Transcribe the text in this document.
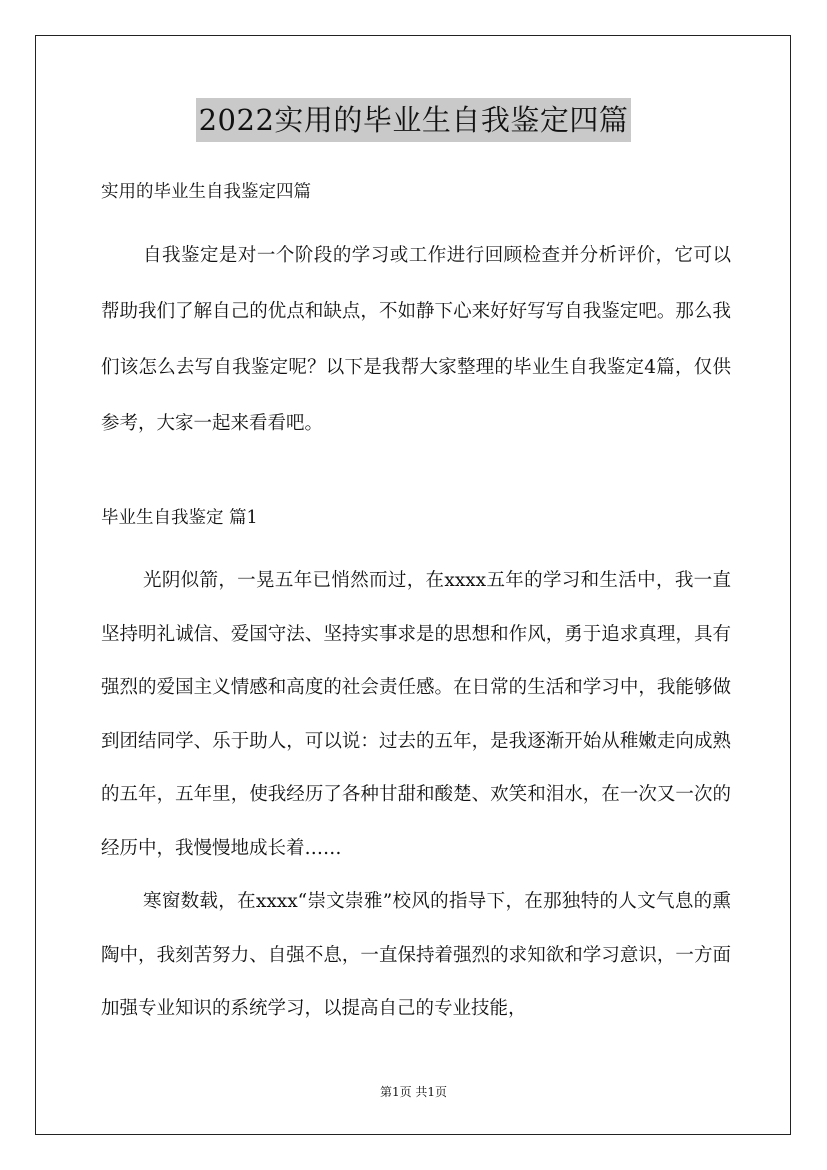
2022实用的毕业生自我鉴定四篇
实用的毕业生自我鉴定四篇

自我鉴定是对一个阶段的学习或工作进行回顾检查并分析评价，它可以帮助我们了解自己的优点和缺点，不如静下心来好好写写自我鉴定吧。那么我们该怎么去写自我鉴定呢？以下是我帮大家整理的毕业生自我鉴定4篇，仅供参考，大家一起来看看吧。

毕业生自我鉴定 篇1

光阴似箭，一晃五年已悄然而过，在xxxx五年的学习和生活中，我一直坚持明礼诚信、爱国守法、坚持实事求是的思想和作风，勇于追求真理，具有强烈的爱国主义情感和高度的社会责任感。在日常的生活和学习中，我能够做到团结同学、乐于助人，可以说：过去的五年，是我逐渐开始从稚嫩走向成熟的五年，五年里，使我经历了各种甘甜和酸楚、欢笑和泪水，在一次又一次的经历中，我慢慢地成长着……

寒窗数载，在xxxx“崇文崇雅”校风的指导下，在那独特的人文气息的熏陶中，我刻苦努力、自强不息，一直保持着强烈的求知欲和学习意识，一方面加强专业知识的系统学习，以提高自己的专业技能，

第1页 共1页
